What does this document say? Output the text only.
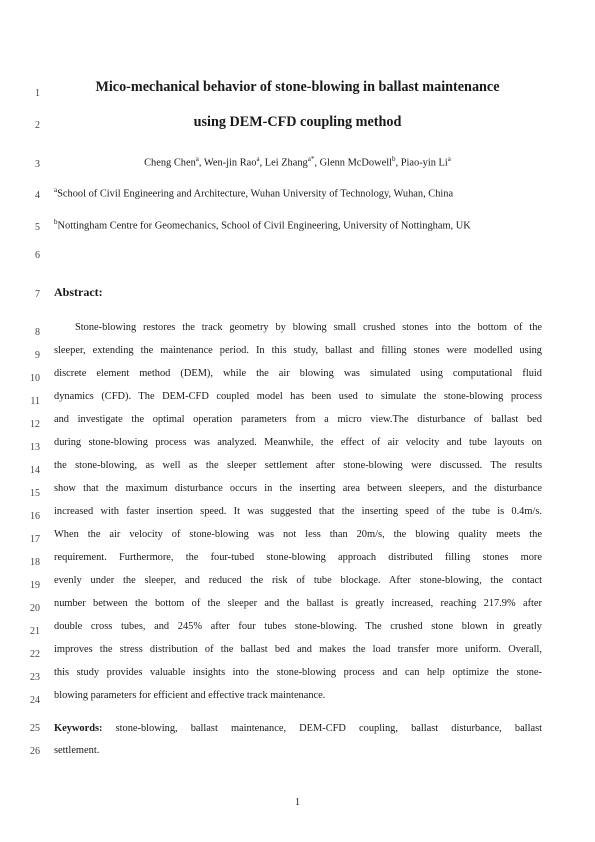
1
2
3
4
5
6
7
8
9
10
11
12
13
14
15
16
17
18
19
20
21
22
23
24
25
26
Mico-mechanical behavior of stone-blowing in ballast maintenance
using DEM-CFD coupling method
Cheng Chen$^a$, Wen-jin Rao$^a$, Lei Zhang$^{a*}$, Glenn McDowell$^b$, Piao-yin Li$^a$
$^a$School of Civil Engineering and Architecture, Wuhan University of Technology, Wuhan, China
$^b$Nottingham Centre for Geomechanics, School of Civil Engineering, University of Nottingham, UK
Abstract:
Stone-blowing restores the track geometry by blowing small crushed stones into the bottom of the
sleeper, extending the maintenance period. In this study, ballast and filling stones were modelled using
discrete element method (DEM), while the air blowing was simulated using computational fluid
dynamics (CFD). The DEM-CFD coupled model has been used to simulate the stone-blowing process
and investigate the optimal operation parameters from a micro view.The disturbance of ballast bed
during stone-blowing process was analyzed. Meanwhile, the effect of air velocity and tube layouts on
the stone-blowing, as well as the sleeper settlement after stone-blowing were discussed. The results
show that the maximum disturbance occurs in the inserting area between sleepers, and the disturbance
increased with faster insertion speed. It was suggested that the inserting speed of the tube is 0.4m/s.
When the air velocity of stone-blowing was not less than 20m/s, the blowing quality meets the
requirement. Furthermore, the four-tubed stone-blowing approach distributed filling stones more
evenly under the sleeper, and reduced the risk of tube blockage. After stone-blowing, the contact
number between the bottom of the sleeper and the ballast is greatly increased, reaching 217.9% after
double cross tubes, and 245% after four tubes stone-blowing. The crushed stone blown in greatly
improves the stress distribution of the ballast bed and makes the load transfer more uniform. Overall,
this study provides valuable insights into the stone-blowing process and can help optimize the stone-
blowing parameters for efficient and effective track maintenance.
Keywords: stone-blowing, ballast maintenance, DEM-CFD coupling, ballast disturbance, ballast
settlement.
1
